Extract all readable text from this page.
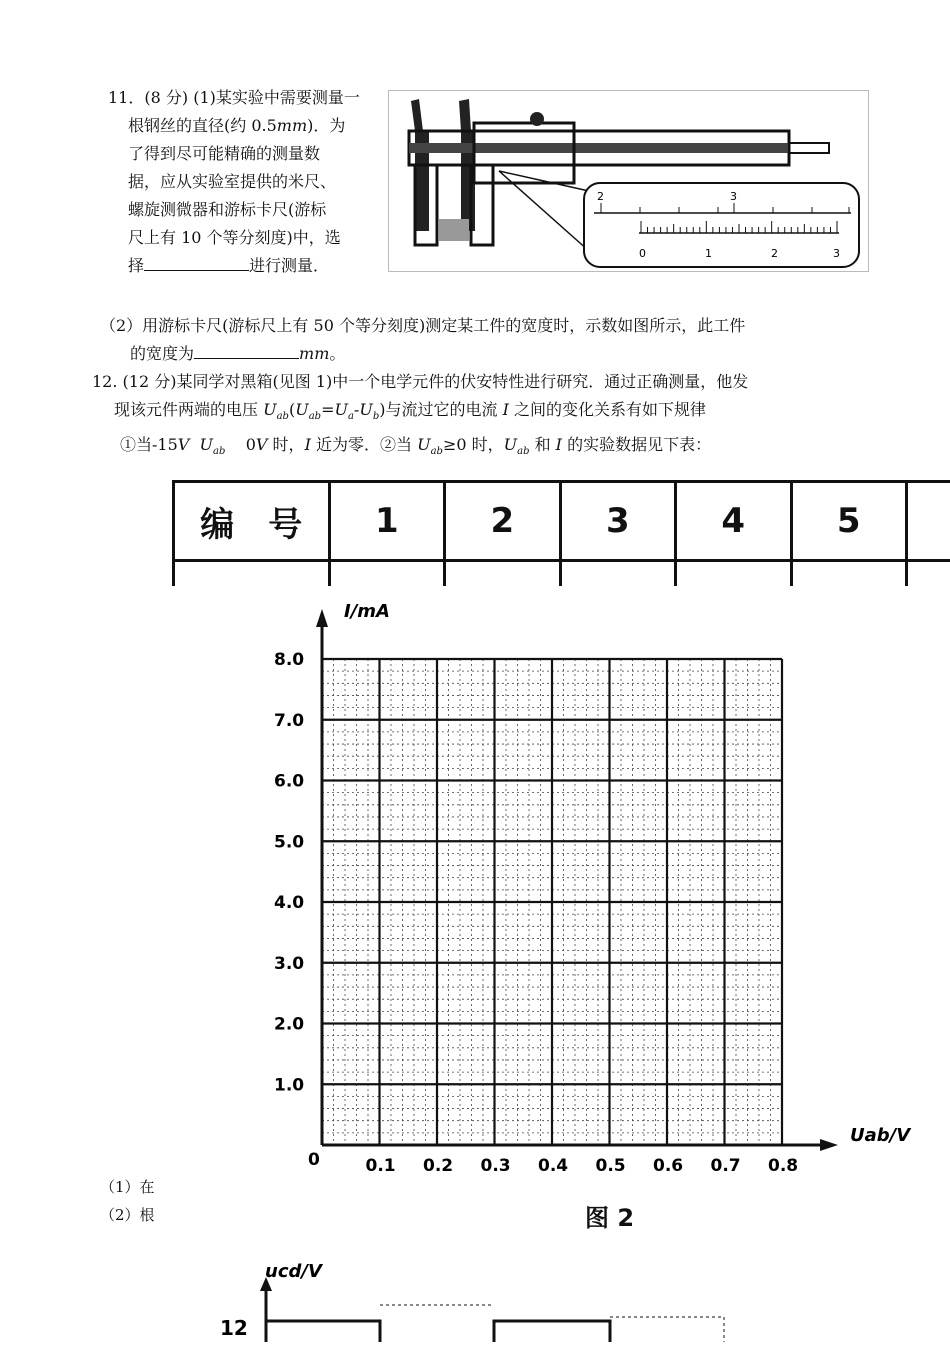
11．(8 分) (1)某实验中需要测量一
根钢丝的直径(约 0.5mm)．为
了得到尽可能精确的测量数
据，应从实验室提供的米尺、
螺旋测微器和游标卡尺(游标
尺上有 10 个等分刻度)中，选
择	进行测量．
2	3
0	1	2	3
（2）用游标卡尺(游标尺上有 50 个等分刻度)测定某工件的宽度时，示数如图所示，此工件
的宽度为	mm。
12. (12 分)某同学对黑箱(见图 1)中一个电学元件的伏安特性进行研究．通过正确测量，他发
现该元件两端的电压 $U_{ab}(U_{ab}=U_a-U_b)$与流过它的电流 I 之间的变化关系有如下规律
①当-15V  $U_{ab}$    0V 时，I 近为零．②当 $U_{ab}\ge 0$ 时，$U_{ab}$ 和 I 的实验数据见下表：
编　号	1	2	3	4	5	

I/mA
Uab/V
8.0
7.0
6.0
5.0
4.0
3.0
2.0
1.0
0	0.1 0.2 0.3 0.4 0.5 0.6 0.7 0.8
（1）在
（2）根	图 2
ucd/V
12
